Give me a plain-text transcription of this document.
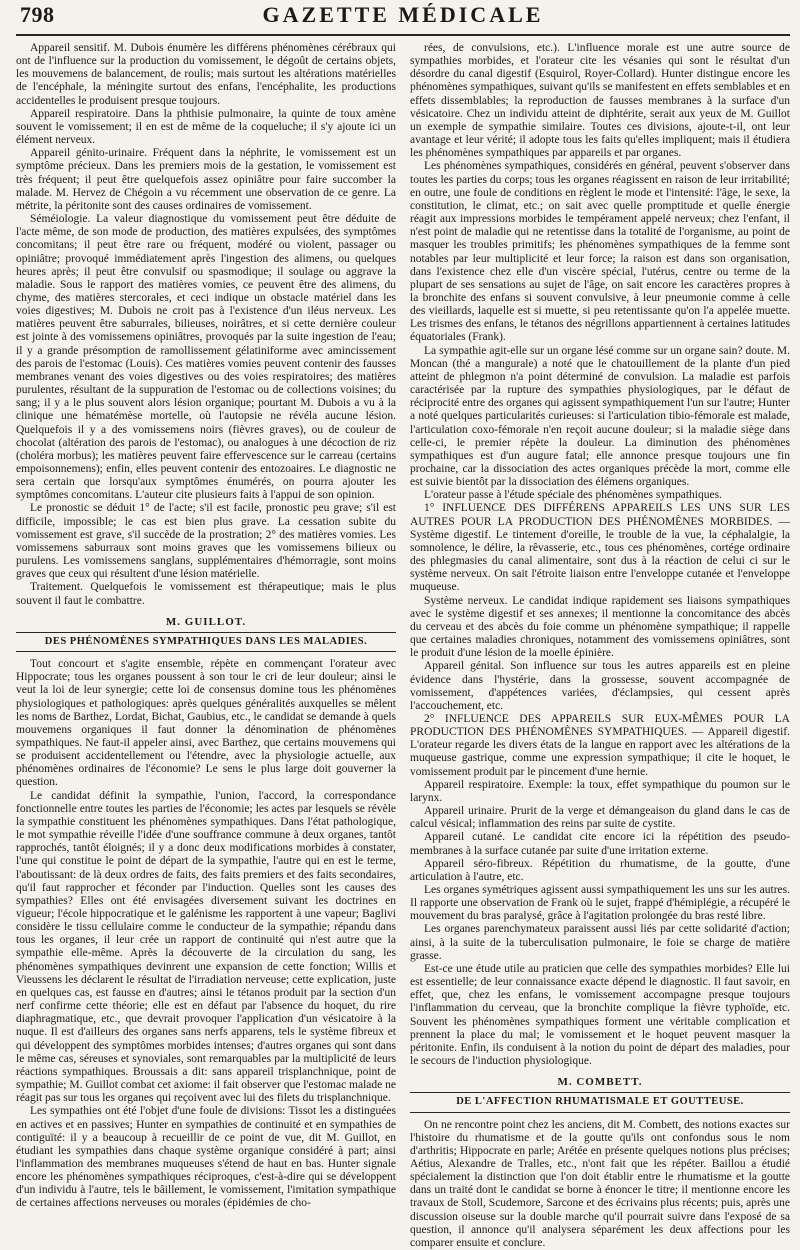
798	GAZETTE MÉDICALE

Appareil sensitif. M. Dubois énumère les différens phénomènes cérébraux qui ont de l'influence sur la production du vomissement, le dégoût de certains objets, les mouvemens de balancement, de roulis; mais surtout les altérations matérielles de l'encéphale, la méningite surtout des enfans, l'encéphalite, les productions accidentelles le produisent presque toujours.

Appareil respiratoire. Dans la phthisie pulmonaire, la quinte de toux amène souvent le vomissement; il en est de même de la coqueluche; il s'y ajoute ici un élément nerveux.

Appareil génito-urinaire. Fréquent dans la néphrite, le vomissement est un symptôme précieux. Dans les premiers mois de la gestation, le vomissement est très fréquent; il peut être quelquefois assez opiniâtre pour faire succomber la malade. M. Hervez de Chégoin a vu récemment une observation de ce genre. La métrite, la péritonite sont des causes ordinaires de vomissement.

Séméiologie. La valeur diagnostique du vomissement peut être déduite de l'acte même, de son mode de production, des matières expulsées, des symptômes concomitans; il peut être rare ou fréquent, modéré ou violent, passager ou opiniâtre; provoqué immédiatement après l'ingestion des alimens, ou quelques heures après; il peut être convulsif ou spasmodique; il soulage ou aggrave la maladie. Sous le rapport des matières vomies, ce peuvent être des alimens, du chyme, des matières stercorales, et ceci indique un obstacle matériel dans les voies digestives; M. Dubois ne croit pas à l'existence d'un iléus nerveux. Les matières peuvent être saburrales, bilieuses, noirâtres, et si cette dernière couleur est jointe à des vomissemens opiniâtres, provoqués par la suite ingestion de l'eau; il y a grande présomption de ramollissement gélatiniforme avec amincissement des parois de l'estomac (Louis). Ces matières vomies peuvent contenir des fausses membranes venant des voies digestives ou des voies respiratoires; des matières purulentes, résultant de la suppuration de l'estomac ou de collections voisines; du sang; il y a le plus souvent alors lésion organique; pourtant M. Dubois a vu à la clinique une hématémèse mortelle, où l'autopsie ne révéla aucune lésion. Quelquefois il y a des vomissemens noirs (fièvres graves), ou de couleur de chocolat (altération des parois de l'estomac), ou analogues à une décoction de riz (choléra morbus); les matières peuvent faire effervescence sur le carreau (certains empoisonnemens); enfin, elles peuvent contenir des entozoaires. Le diagnostic ne sera certain que lorsqu'aux symptômes énumérés, on pourra ajouter les symptômes concomitans. L'auteur cite plusieurs faits à l'appui de son opinion.

Le pronostic se déduit 1° de l'acte; s'il est facile, pronostic peu grave; s'il est difficile, impossible; le cas est bien plus grave. La cessation subite du vomissement est grave, s'il succède de la prostration; 2° des matières vomies. Les vomissemens saburraux sont moins graves que les vomissemens bilieux ou purulens. Les vomissemens sanglans, supplémentaires d'hémorragie, sont moins graves que ceux qui résultent d'une lésion matérielle.

Traitement. Quelquefois le vomissement est thérapeutique; mais le plus souvent il faut le combattre.

M. GUILLOT.
DES PHÉNOMÈNES SYMPATHIQUES DANS LES MALADIES.

Tout concourt et s'agite ensemble, répète en commençant l'orateur avec Hippocrate; tous les organes poussent à son tour le cri de leur douleur; ainsi le veut la loi de leur synergie; cette loi de consensus domine tous les phénomènes physiologiques et pathologiques: après quelques généralités auxquelles se mêlent les noms de Barthez, Lordat, Bichat, Gaubius, etc., le candidat se demande à quels mouvemens organiques il faut donner la dénomination de phénomènes sympathiques. Ne faut-il appeler ainsi, avec Barthez, que certains mouvemens qui se produisent accidentellement ou l'étendre, avec la physiologie actuelle, aux phénomènes ordinaires de l'économie? Le sens le plus large doit gouverner la question.

Le candidat définit la sympathie, l'union, l'accord, la correspondance fonctionnelle entre toutes les parties de l'économie; les actes par lesquels se révèle la sympathie constituent les phénomènes sympathiques. Dans l'état pathologique, le mot sympathie réveille l'idée d'une souffrance commune à deux organes, tantôt rapprochés, tantôt éloignés; il y a donc deux modifications morbides à constater, l'une qui constitue le point de départ de la sympathie, l'autre qui en est le terme, l'aboutissant: de là deux ordres de faits, des faits premiers et des faits secondaires, qu'il faut rapprocher et féconder par l'induction. Quelles sont les causes des sympathies? Elles ont été envisagées diversement suivant les doctrines en vigueur; l'école hippocratique et le galénisme les rapportent à une vapeur; Baglivi considère le tissu cellulaire comme le conducteur de la sympathie; répandu dans tous les organes, il leur crée un rapport de continuité qui n'est autre que la sympathie elle-même. Après la découverte de la circulation du sang, les phénomènes sympathiques devinrent une expansion de cette fonction; Willis et Vieussens les déclarent le résultat de l'irradiation nerveuse; cette explication, juste en quelques cas, est fausse en d'autres; ainsi le tétanos produit par la section d'un nerf confirme cette théorie; elle est en défaut par l'absence du hoquet, du rire diaphragmatique, etc., que devrait provoquer l'application d'un vésicatoire à la nuque. Il est d'ailleurs des organes sans nerfs apparens, tels le système fibreux et qui développent des symptômes morbides intenses; d'autres organes qui sont dans le même cas, séreuses et synoviales, sont remarquables par la multiplicité de leurs réactions sympathiques. Broussais a dit: sans appareil trisplanchnique, point de sympathie; M. Guillot combat cet axiome: il fait observer que l'estomac malade ne réagit pas sur tous les organes qui reçoivent avec lui des filets du trisplanchnique.

Les sympathies ont été l'objet d'une foule de divisions: Tissot les a distinguées en actives et en passives; Hunter en sympathies de continuité et en sympathies de contiguïté: il y a beaucoup à recueillir de ce point de vue, dit M. Guillot, en étudiant les sympathies dans chaque système organique considéré à part; ainsi l'inflammation des membranes muqueuses s'étend de haut en bas. Hunter signale encore les phénomènes sympathiques réciproques, c'est-à-dire qui se développent d'un individu à l'autre, tels le bâillement, le vomissement, l'imitation sympathique de certaines affections nerveuses ou morales (épidémies de cho-

rées, de convulsions, etc.). L'influence morale est une autre source de sympathies morbides, et l'orateur cite les vésanies qui sont le résultat d'un désordre du canal digestif (Esquirol, Royer-Collard). Hunter distingue encore les phénomènes sympathiques, suivant qu'ils se manifestent en effets semblables et en effets dissemblables; la reproduction de fausses membranes à la surface d'un vésicatoire. Chez un individu atteint de diphtérite, serait aux yeux de M. Guillot un exemple de sympathie similaire. Toutes ces divisions, ajoute-t-il, ont leur avantage et leur vérité; il adopte tous les faits qu'elles impliquent; mais il étudiera les phénomènes sympathiques par appareils et par organes.

Les phénomènes sympathiques, considérés en général, peuvent s'observer dans toutes les parties du corps; tous les organes réagissent en raison de leur irritabilité; en outre, une foule de conditions en règlent le mode et l'intensité: l'âge, le sexe, la constitution, le climat, etc.; on sait avec quelle promptitude et quelle énergie réagit aux impressions morbides le tempérament appelé nerveux; chez l'enfant, il n'est point de maladie qui ne retentisse dans la totalité de l'organisme, au point de masquer les troubles primitifs; les phénomènes sympathiques de la femme sont notables par leur multiplicité et leur force; la raison est dans son organisation, dans l'existence chez elle d'un viscère spécial, l'utérus, centre ou terme de la plupart de ses sensations au sujet de l'âge, on sait encore les caractères propres à la bronchite des enfans si souvent convulsive, à leur pneumonie comme à celle des vieillards, laquelle est si muette, si peu retentissante qu'on l'a appelée muette. Les trismes des enfans, le tétanos des négrillons appartiennent à certaines latitudes équatoriales (Frank).

La sympathie agit-elle sur un organe lésé comme sur un organe sain? doute. M. Moncan (thé a mangurale) a noté que le chatouillement de la plante d'un pied atteint de phlegmon n'a point déterminé de convulsion. La maladie est parfois caractérisée par la rupture des sympathies physiologiques, par le défaut de réciprocité entre des organes qui agissent sympathiquement l'un sur l'autre; Hunter a noté quelques particularités curieuses: si l'articulation tibio-fémorale est malade, l'articulation coxo-fémorale n'en reçoit aucune douleur; si la maladie siège dans celle-ci, le premier répète la douleur. La diminution des phénomènes sympathiques est d'un augure fatal; elle annonce presque toujours une fin prochaine, car la dissociation des actes organiques précède la mort, comme elle est suivie bientôt par la dissociation des élémens organiques.

L'orateur passe à l'étude spéciale des phénomènes sympathiques.

1° INFLUENCE DES DIFFÉRENS APPAREILS LES UNS SUR LES AUTRES POUR LA PRODUCTION DES PHÉNOMÈNES MORBIDES. — Système digestif. Le tintement d'oreille, le trouble de la vue, la céphalalgie, la somnolence, le délire, la rêvasserie, etc., tous ces phénomènes, cortége ordinaire des phlegmasies du canal alimentaire, sont dus à la réaction de celui ci sur le système nerveux. On sait l'étroite liaison entre l'enveloppe cutanée et l'enveloppe muqueuse.

Système nerveux. Le candidat indique rapidement ses liaisons sympathiques avec le système digestif et ses annexes; il mentionne la concomitance des abcès du cerveau et des abcès du foie comme un phénomène sympathique; il rappelle que certaines maladies chroniques, notamment des vomissemens opiniâtres, sont le produit d'une lésion de la moelle épinière.

Appareil génital. Son influence sur tous les autres appareils est en pleine évidence dans l'hystérie, dans la grossesse, souvent accompagnée de vomissement, d'appétences variées, d'éclampsies, qui cessent après l'accouchement, etc.

2° INFLUENCE DES APPAREILS SUR EUX-MÊMES POUR LA PRODUCTION DES PHÉNOMÈNES SYMPATHIQUES. — Appareil digestif. L'orateur regarde les divers états de la langue en rapport avec les altérations de la muqueuse gastrique, comme une expression sympathique; il cite le hoquet, le vomissement produit par le pincement d'une hernie.

Appareil respiratoire. Exemple: la toux, effet sympathique du poumon sur le larynx.

Appareil urinaire. Prurit de la verge et démangeaison du gland dans le cas de calcul vésical; inflammation des reins par suite de cystite.

Appareil cutané. Le candidat cite encore ici la répétition des pseudo-membranes à la surface cutanée par suite d'une irritation externe.

Appareil séro-fibreux. Répétition du rhumatisme, de la goutte, d'une articulation à l'autre, etc.

Les organes symétriques agissent aussi sympathiquement les uns sur les autres. Il rapporte une observation de Frank où le sujet, frappé d'hémiplégie, a récupéré le mouvement du bras paralysé, grâce à l'agitation prolongée du bras resté libre.

Les organes parenchymateux paraissent aussi liés par cette solidarité d'action; ainsi, à la suite de la tuberculisation pulmonaire, le foie se charge de matière grasse.

Est-ce une étude utile au praticien que celle des sympathies morbides? Elle lui est essentielle; de leur connaissance exacte dépend le diagnostic. Il faut savoir, en effet, que, chez les enfans, le vomissement accompagne presque toujours l'inflammation du cerveau, que la bronchite complique la fièvre typhoïde, etc. Souvent les phénomènes sympathiques forment une véritable complication et prennent la place du mal; le vomissement et le hoquet peuvent masquer la péritonite. Enfin, ils conduisent à la notion du point de départ des maladies, pour le secours de l'induction physiologique.

M. COMBETT.
DE L'AFFECTION RHUMATISMALE ET GOUTTEUSE.

On ne rencontre point chez les anciens, dit M. Combett, des notions exactes sur l'histoire du rhumatisme et de la goutte qu'ils ont confondus sous le nom d'arthritis; Hippocrate en parle; Arétée en présente quelques notions plus précises; Aétius, Alexandre de Tralles, etc., n'ont fait que les répéter. Baillou a étudié spécialement la distinction que l'on doit établir entre le rhumatisme et la goutte dans un traité dont le candidat se borne à énoncer le titre; il mentionne encore les travaux de Stoll, Scudemore, Sarcone et des écrivains plus récents; puis, après une discussion oiseuse sur la double marche qu'il pourrait suivre dans l'exposé de sa question, il annonce qu'il analysera séparément les deux affections pour les comparer ensuite et conclure.
